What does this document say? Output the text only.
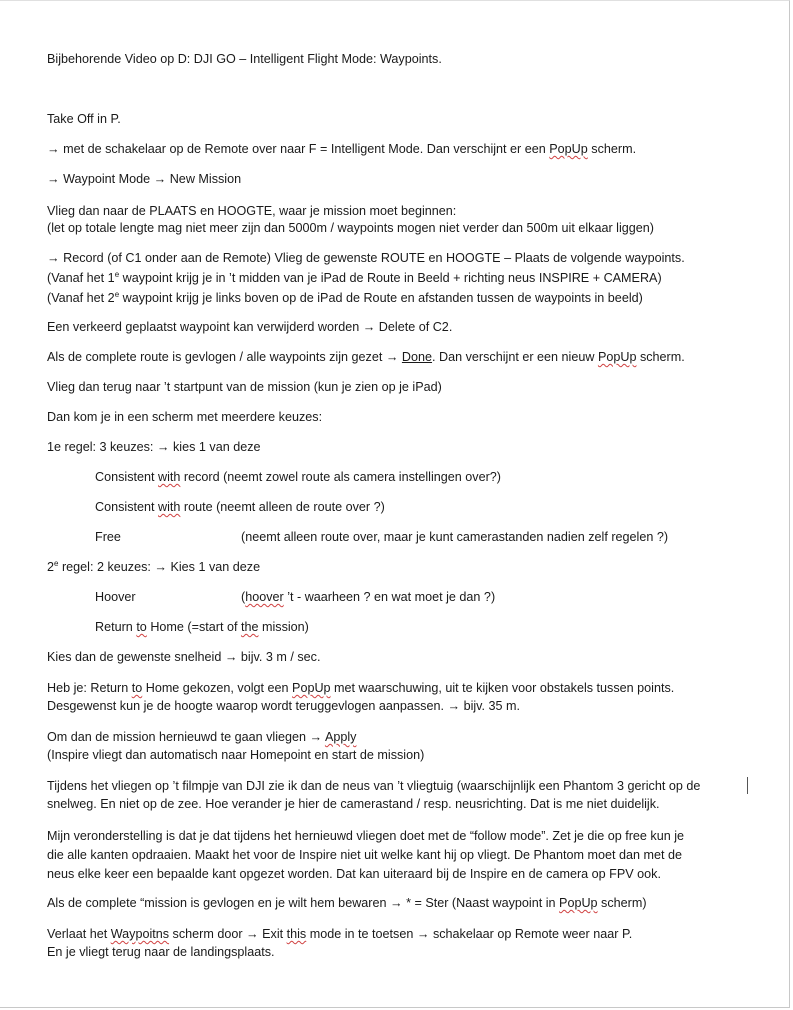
Bijbehorende Video op D: DJI GO – Intelligent Flight Mode: Waypoints.
Take Off in P.
→ met de schakelaar op de Remote over naar F = Intelligent Mode. Dan verschijnt er een PopUp scherm.
→ Waypoint Mode → New Mission
Vlieg dan naar de PLAATS en HOOGTE, waar je mission moet beginnen:
(let op totale lengte mag niet meer zijn dan 5000m / waypoints mogen niet verder dan 500m uit elkaar liggen)
→ Record (of C1 onder aan de Remote) Vlieg de gewenste ROUTE en HOOGTE – Plaats de volgende waypoints.
(Vanaf het 1e waypoint krijg je in ’t midden van je iPad de Route in Beeld + richting neus INSPIRE + CAMERA)
(Vanaf het 2e waypoint krijg je links boven op de iPad de Route en afstanden tussen de waypoints in beeld)
Een verkeerd geplaatst waypoint kan verwijderd worden → Delete of C2.
Als de complete route is gevlogen / alle waypoints zijn gezet → Done. Dan verschijnt er een nieuw PopUp scherm.
Vlieg dan terug naar ’t startpunt van de mission (kun je zien op je iPad)
Dan kom je in een scherm met meerdere keuzes:
1e regel: 3 keuzes: → kies 1 van deze
Consistent with record (neemt zowel route als camera instellingen over?)
Consistent with route (neemt alleen de route over ?)
Free	(neemt alleen route over, maar je kunt camerastanden nadien zelf regelen ?)
2e regel: 2 keuzes: → Kies 1 van deze
Hoover	(hoover ’t - waarheen ? en wat moet je dan ?)
Return to Home (=start of the mission)
Kies dan de gewenste snelheid → bijv. 3 m / sec.
Heb je: Return to Home gekozen, volgt een PopUp met waarschuwing, uit te kijken voor obstakels tussen points.
Desgewenst kun je de hoogte waarop wordt teruggevlogen aanpassen. → bijv. 35 m.
Om dan de mission hernieuwd te gaan vliegen → Apply
(Inspire vliegt dan automatisch naar Homepoint en start de mission)
Tijdens het vliegen op ’t filmpje van DJI zie ik dan de neus van ’t vliegtuig (waarschijnlijk een Phantom 3 gericht op de
snelweg. En niet op de zee. Hoe verander je hier de camerastand / resp. neusrichting. Dat is me niet duidelijk.
Mijn veronderstelling is dat je dat tijdens het hernieuwd vliegen doet met de “follow mode”. Zet je die op free kun je
die alle kanten opdraaien. Maakt het voor de Inspire niet uit welke kant hij op vliegt. De Phantom moet dan met de
neus elke keer een bepaalde kant opgezet worden. Dat kan uiteraard bij de Inspire en de camera op FPV ook.
Als de complete “mission is gevlogen en je wilt hem bewaren → * = Ster (Naast waypoint in PopUp scherm)
Verlaat het Waypoitns scherm door → Exit this mode in te toetsen → schakelaar op Remote weer naar P.
En je vliegt terug naar de landingsplaats.
